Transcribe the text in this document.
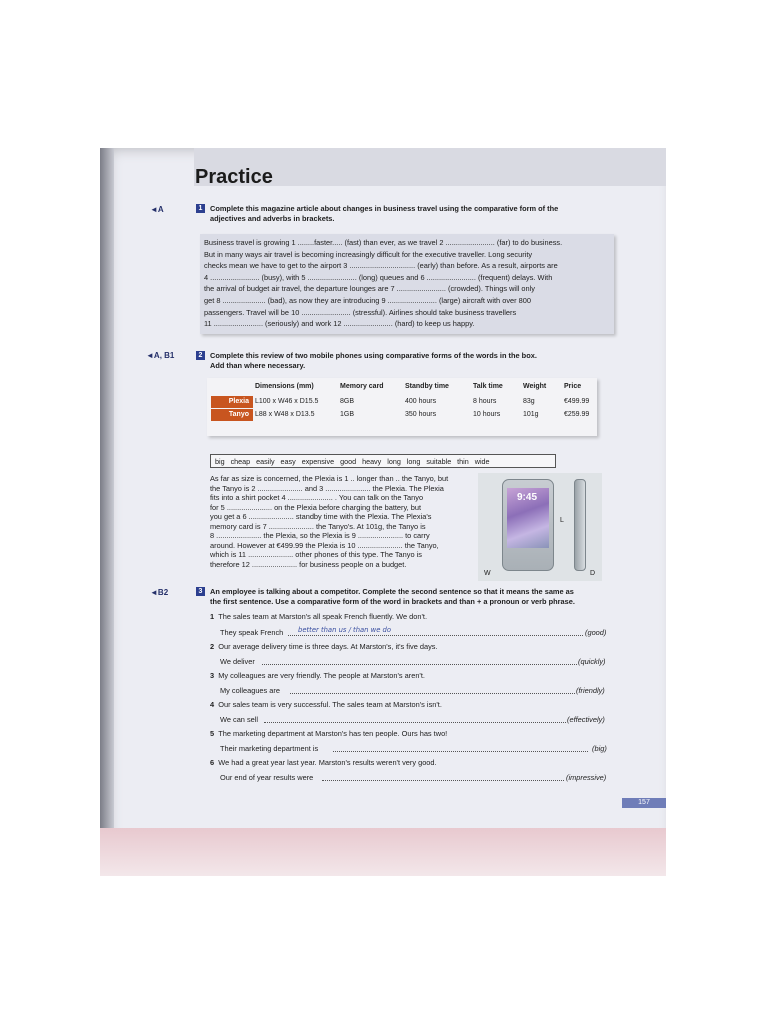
Practice
◄A	1	Complete this magazine article about changes in business travel using the comparative form of the adjectives and adverbs in brackets.
Business travel is growing 1 ........faster..... (fast) than ever, as we travel 2 ........................ (far) to do business.
But in many ways air travel is becoming increasingly difficult for the executive traveller. Long security
checks mean we have to get to the airport 3 ................................ (early) than before. As a result, airports are
4 ........................ (busy), with 5 ........................ (long) queues and 6 ........................ (frequent) delays. With
the arrival of budget air travel, the departure lounges are 7 ........................ (crowded). Things will only
get 8 ..................... (bad), as now they are introducing 9 ........................ (large) aircraft with over 800
passengers. Travel will be 10 ........................ (stressful). Airlines should take business travellers
11 ........................ (seriously) and work 12 ........................ (hard) to keep us happy.
◄A, B1	2	Complete this review of two mobile phones using comparative forms of the words in the box.
Add than where necessary.
Dimensions (mm)	Memory card	Standby time	Talk time	Weight	Price
Plexia L100 x W46 x D15.5	8GB	400 hours	8 hours	83g	€499.99
Tanyo L88 x W48 x D13.5	1GB	350 hours	10 hours	101g	€259.99
big cheap easily easy expensive good heavy long long suitable thin wide
As far as size is concerned, the Plexia is 1 .. longer than .. the Tanyo, but
the Tanyo is 2 ...................... and 3 ...................... the Plexia. The Plexia
fits into a shirt pocket 4 ...................... . You can talk on the Tanyo
for 5 ...................... on the Plexia before charging the battery, but
you get a 6 ...................... standby time with the Plexia. The Plexia's
memory card is 7 ...................... the Tanyo's. At 101g, the Tanyo is
8 ...................... the Plexia, so the Plexia is 9 ...................... to carry
around. However at €499.99 the Plexia is 10 ...................... the Tanyo,
which is 11 ...................... other phones of this type. The Tanyo is
therefore 12 ...................... for business people on a budget.
9:45
L
W	D
◄B2	3	An employee is talking about a competitor. Complete the second sentence so that it means the same as
the first sentence. Use a comparative form of the word in brackets and than + a pronoun or verb phrase.
1 The sales team at Marston's all speak French fluently. We don't.
They speak French better than us / than we do	(good)
2 Our average delivery time is three days. At Marston's, it's five days.
We deliver	(quickly)
3 My colleagues are very friendly. The people at Marston's aren't.
My colleagues are	(friendly)
4 Our sales team is very successful. The sales team at Marston's isn't.
We can sell	(effectively)
5 The marketing department at Marston's has ten people. Ours has two!
Their marketing department is	(big)
6 We had a great year last year. Marston's results weren't very good.
Our end of year results were	(impressive)
157
